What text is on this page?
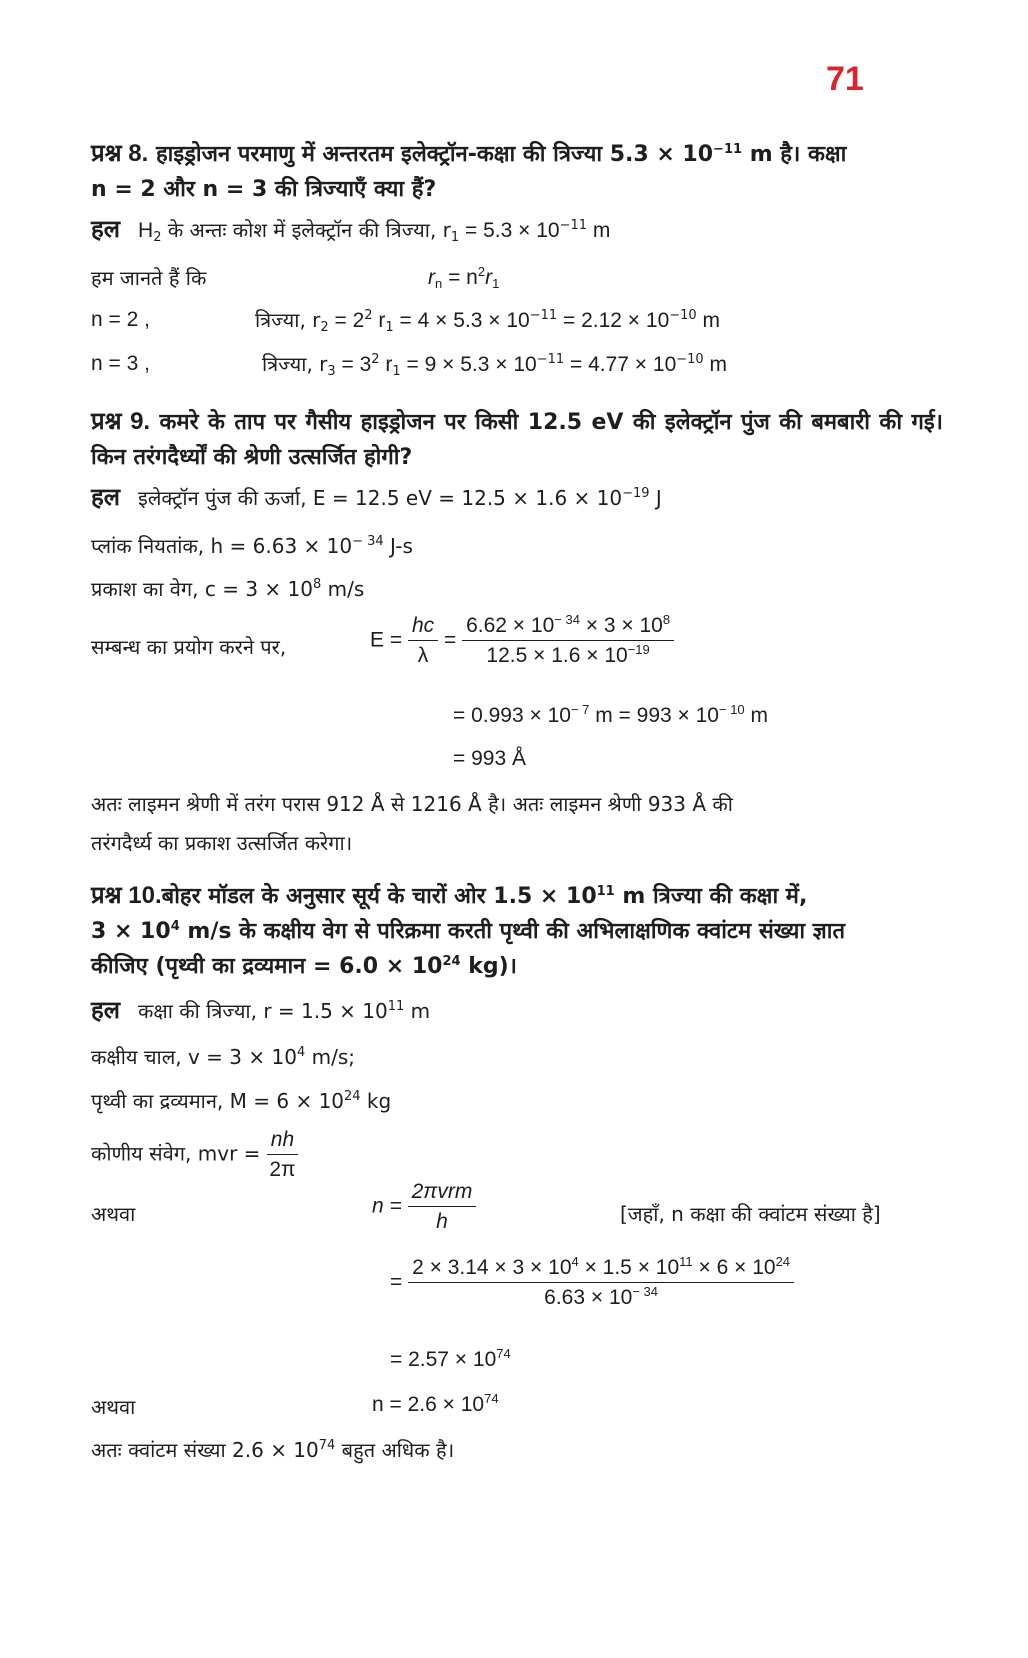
71
प्रश्न 8. हाइड्रोजन परमाणु में अन्तरतम इलेक्ट्रॉन-कक्षा की त्रिज्या $5.3 \times 10^{-11}$ m है। कक्षा
n = 2 और n = 3 की त्रिज्याएँ क्या हैं?
हल $H_2$ के अन्तः कोश में इलेक्ट्रॉन की त्रिज्या, $r_1 = 5.3 \times 10^{-11}$ m
हम जानते हैं कि	$r_n = n^2r_1$
n = 2 ,	त्रिज्या, $r_2 = 2^2$ $r_1 = 4 \times 5.3 \times 10^{-11} = 2.12 \times 10^{-10}$ m
n = 3 ,	त्रिज्या, $r_3 = 3^2$ $r_1 = 9 \times 5.3 \times 10^{-11} = 4.77 \times 10^{-10}$ m
प्रश्न 9. कमरे के ताप पर गैसीय हाइड्रोजन पर किसी 12.5 eV की इलेक्ट्रॉन पुंज की बमबारी की गई। किन तरंगदैर्ध्यों की श्रेणी उत्सर्जित होगी?
हल इलेक्ट्रॉन पुंज की ऊर्जा, E = 12.5 eV = $12.5 \times 1.6 \times 10^{-19}$ J
प्लांक नियतांक, $h = 6.63 \times 10^{- 34}$ J-s
प्रकाश का वेग, $c = 3 \times 10^8$ m/s
सम्बन्ध का प्रयोग करने पर,	$E = \frac{hc}{\lambda} = \frac{6.62 \times 10^{- 34} \times 3 \times 10^8}{12.5 \times 1.6 \times 10^{-19}}$
= $0.993 \times 10^{- 7}$ $m = 993 \times 10^{- 10}$ m
= 993 Å
अतः लाइमन श्रेणी में तरंग परास 912 Å से 1216 Å है। अतः लाइमन श्रेणी 933 Å की
तरंगदैर्ध्य का प्रकाश उत्सर्जित करेगा।
प्रश्न 10.बोहर मॉडल के अनुसार सूर्य के चारों ओर $1.5 \times 10^{11}$ m त्रिज्या की कक्षा में,
$3 \times 10^4$ m/s के कक्षीय वेग से परिक्रमा करती पृथ्वी की अभिलाक्षणिक क्वांटम संख्या ज्ञात
कीजिए (पृथ्वी का द्रव्यमान = $6.0 \times 10^{24}$ kg)।
हल कक्षा की त्रिज्या, $r = 1.5 \times 10^{11}$ m
कक्षीय चाल, $v = 3 \times 10^4$ m/s;
पृथ्वी का द्रव्यमान, $M = 6 \times 10^{24}$ kg
कोणीय संवेग, mvr = $\frac{nh}{2\pi}$
अथवा	$n = \frac{\text{2πvrm}}{h}$	[जहाँ, n कक्षा की क्वांटम संख्या है]
= $\frac{2 \times 3.14 \times 3 \times 10^4 \times 1.5 \times 10^{11} \times 6 \times 10^{24}}{6.63 \times 10^{- 34}}$
= $2.57 \times 10^{74}$
अथवा	$n = 2.6 \times 10^{74}$
अतः क्वांटम संख्या $2.6 \times 10^{74}$ बहुत अधिक है।
